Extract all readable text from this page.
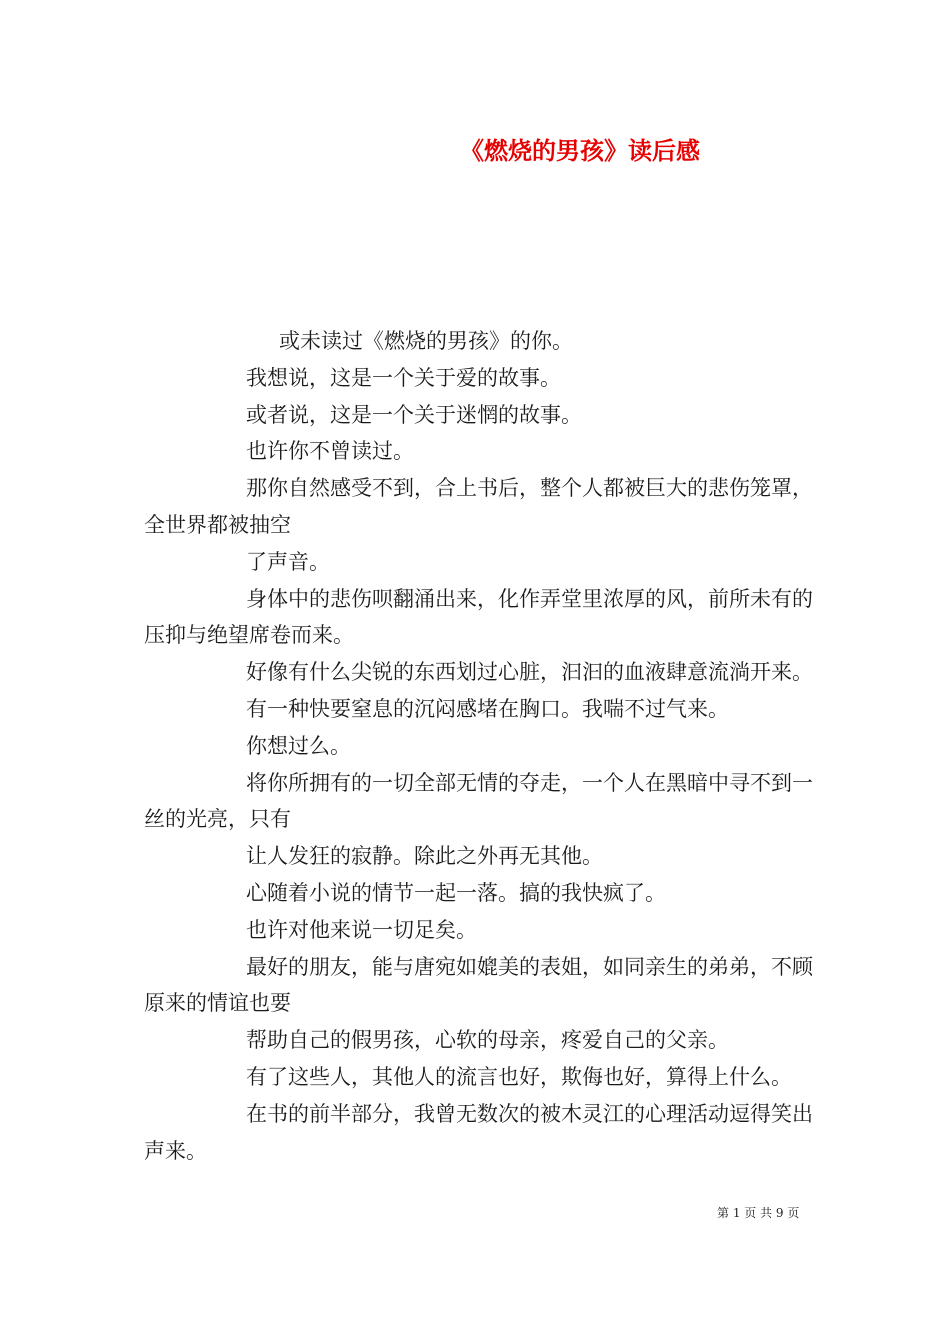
《燃烧的男孩》读后感

或未读过《燃烧的男孩》的你。

我想说，这是一个关于爱的故事。

或者说，这是一个关于迷惘的故事。

也许你不曾读过。

那你自然感受不到，合上书后，整个人都被巨大的悲伤笼罩，全世界都被抽空

了声音。

身体中的悲伤呗翻涌出来，化作弄堂里浓厚的风，前所未有的压抑与绝望席卷而来。

好像有什么尖锐的东西划过心脏，汩汩的血液肆意流淌开来。

有一种快要窒息的沉闷感堵在胸口。我喘不过气来。

你想过么。

将你所拥有的一切全部无情的夺走，一个人在黑暗中寻不到一丝的光亮，只有

让人发狂的寂静。除此之外再无其他。

心随着小说的情节一起一落。搞的我快疯了。

也许对他来说一切足矣。

最好的朋友，能与唐宛如媲美的表姐，如同亲生的弟弟，不顾原来的情谊也要

帮助自己的假男孩，心软的母亲，疼爱自己的父亲。

有了这些人，其他人的流言也好，欺侮也好，算得上什么。

在书的前半部分，我曾无数次的被木灵江的心理活动逗得笑出声来。

第 1 页 共 9 页
